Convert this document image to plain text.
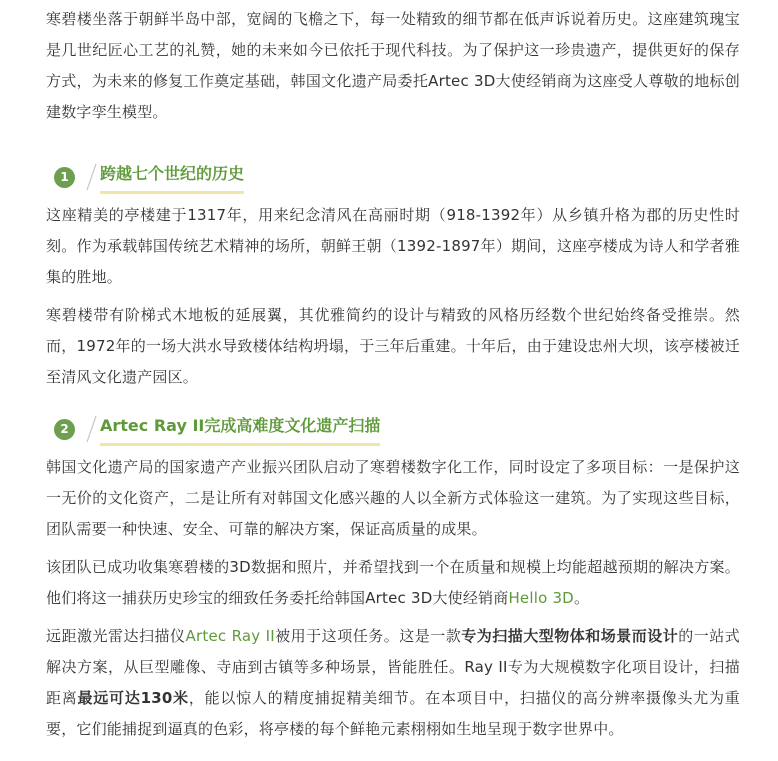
寒碧楼坐落于朝鲜半岛中部，宽阔的飞檐之下，每一处精致的细节都在低声诉说着历史。这座建筑瑰宝是几世纪匠心工艺的礼赞，她的未来如今已依托于现代科技。为了保护这一珍贵遗产，提供更好的保存方式，为未来的修复工作奠定基础，韩国文化遗产局委托Artec 3D大使经销商为这座受人尊敬的地标创建数字孪生模型。

1	跨越七个世纪的历史

这座精美的亭楼建于1317年，用来纪念清风在高丽时期（918-1392年）从乡镇升格为郡的历史性时刻。作为承载韩国传统艺术精神的场所，朝鲜王朝（1392-1897年）期间，这座亭楼成为诗人和学者雅集的胜地。

寒碧楼带有阶梯式木地板的延展翼，其优雅简约的设计与精致的风格历经数个世纪始终备受推崇。然而，1972年的一场大洪水导致楼体结构坍塌，于三年后重建。十年后，由于建设忠州大坝，该亭楼被迁至清风文化遗产园区。

2	Artec Ray II完成高难度文化遗产扫描

韩国文化遗产局的国家遗产产业振兴团队启动了寒碧楼数字化工作，同时设定了多项目标：一是保护这一无价的文化资产，二是让所有对韩国文化感兴趣的人以全新方式体验这一建筑。为了实现这些目标，团队需要一种快速、安全、可靠的解决方案，保证高质量的成果。

该团队已成功收集寒碧楼的3D数据和照片，并希望找到一个在质量和规模上均能超越预期的解决方案。他们将这一捕获历史珍宝的细致任务委托给韩国Artec 3D大使经销商Hello 3D。

远距激光雷达扫描仪Artec Ray II被用于这项任务。这是一款专为扫描大型物体和场景而设计的一站式解决方案，从巨型雕像、寺庙到古镇等多种场景，皆能胜任。Ray II专为大规模数字化项目设计，扫描距离最远可达130米，能以惊人的精度捕捉精美细节。在本项目中，扫描仪的高分辨率摄像头尤为重要，它们能捕捉到逼真的色彩，将亭楼的每个鲜艳元素栩栩如生地呈现于数字世界中。
